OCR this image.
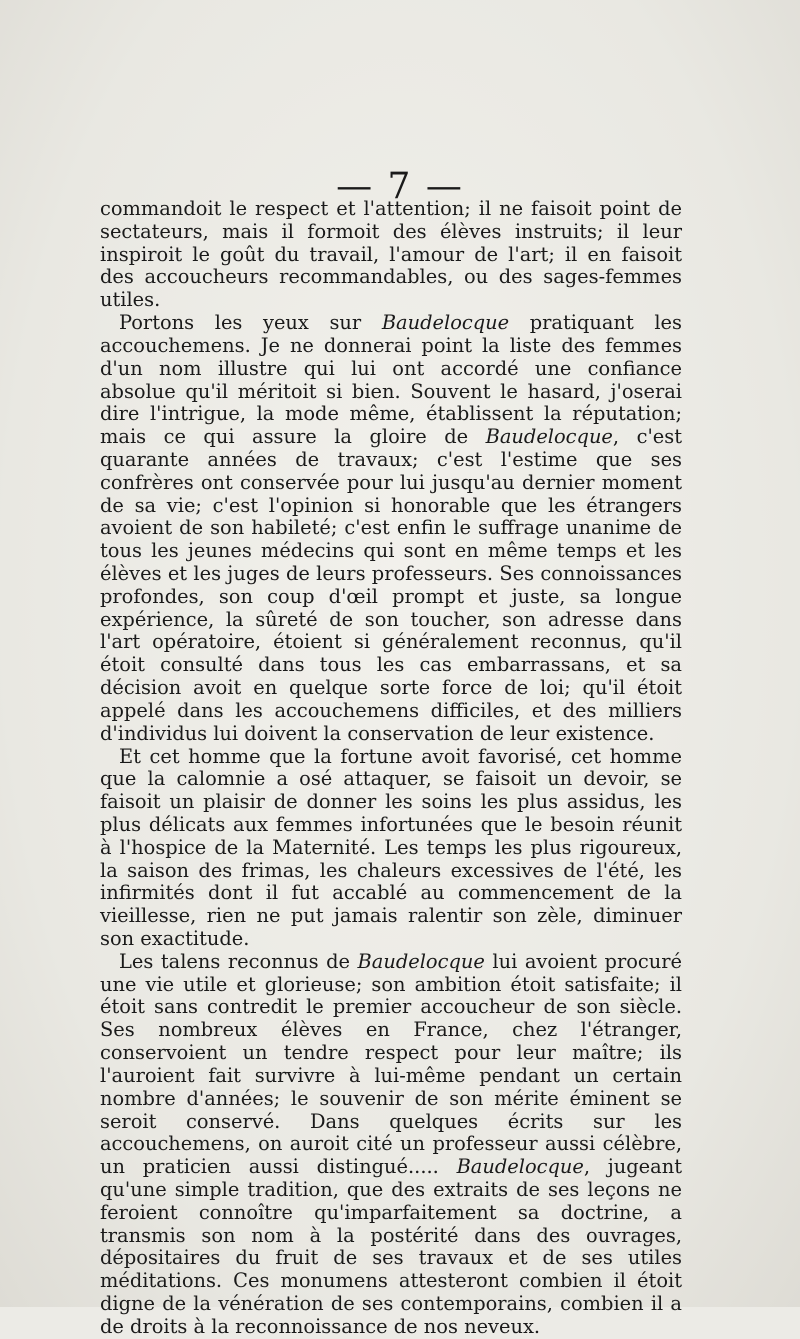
— 7 —

commandoit le respect et l'attention; il ne faisoit point de sectateurs, mais il formoit des élèves instruits; il leur inspiroit le goût du travail, l'amour de l'art; il en faisoit des accoucheurs recommandables, ou des sages-femmes utiles.

Portons les yeux sur Baudelocque pratiquant les accouchemens. Je ne donnerai point la liste des femmes d'un nom illustre qui lui ont accordé une confiance absolue qu'il méritoit si bien. Souvent le hasard, j'oserai dire l'intrigue, la mode même, établissent la réputation; mais ce qui assure la gloire de Baudelocque, c'est quarante années de travaux; c'est l'estime que ses confrères ont conservée pour lui jusqu'au dernier moment de sa vie; c'est l'opinion si honorable que les étrangers avoient de son habileté; c'est enfin le suffrage unanime de tous les jeunes médecins qui sont en même temps et les élèves et les juges de leurs professeurs. Ses connoissances profondes, son coup d'œil prompt et juste, sa longue expérience, la sûreté de son toucher, son adresse dans l'art opératoire, étoient si généralement reconnus, qu'il étoit consulté dans tous les cas embarrassans, et sa décision avoit en quelque sorte force de loi; qu'il étoit appelé dans les accouchemens difficiles, et des milliers d'individus lui doivent la conservation de leur existence.

Et cet homme que la fortune avoit favorisé, cet homme que la calomnie a osé attaquer, se faisoit un devoir, se faisoit un plaisir de donner les soins les plus assidus, les plus délicats aux femmes infortunées que le besoin réunit à l'hospice de la Maternité. Les temps les plus rigoureux, la saison des frimas, les chaleurs excessives de l'été, les infirmités dont il fut accablé au commencement de la vieillesse, rien ne put jamais ralentir son zèle, diminuer son exactitude.

Les talens reconnus de Baudelocque lui avoient procuré une vie utile et glorieuse; son ambition étoit satisfaite; il étoit sans contredit le premier accoucheur de son siècle. Ses nombreux élèves en France, chez l'étranger, conservoient un tendre respect pour leur maître; ils l'auroient fait survivre à lui-même pendant un certain nombre d'années; le souvenir de son mérite éminent se seroit conservé. Dans quelques écrits sur les accouchemens, on auroit cité un professeur aussi célèbre, un praticien aussi distingué..... Baudelocque, jugeant qu'une simple tradition, que des extraits de ses leçons ne feroient connoître qu'imparfaitement sa doctrine, a transmis son nom à la postérité dans des ouvrages, dépositaires du fruit de ses travaux et de ses utiles méditations. Ces monumens attesteront combien il étoit digne de la vénération de ses contemporains, combien il a de droits à la reconnoissance de nos neveux.
